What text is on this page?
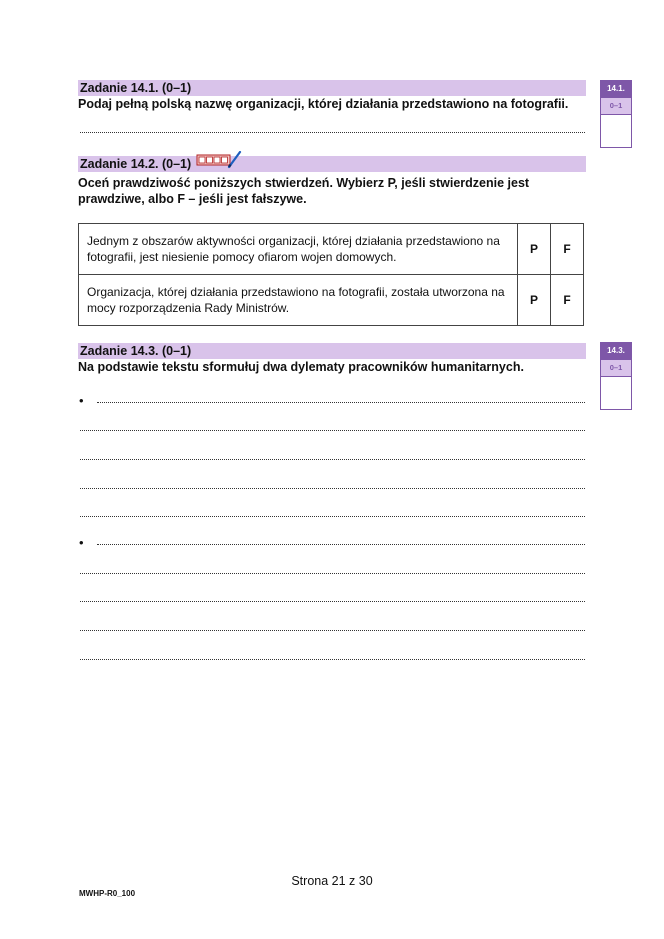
Zadanie 14.1. (0–1)
Podaj pełną polską nazwę organizacji, której działania przedstawiono na fotografii.
14.1.
0–1
Zadanie 14.2. (0–1)
Oceń prawdziwość poniższych stwierdzeń. Wybierz P, jeśli stwierdzenie jest prawdziwe, albo F – jeśli jest fałszywe.
Jednym z obszarów aktywności organizacji, której działania przedstawiono na fotografii, jest niesienie pomocy ofiarom wojen domowych.	P	F
Organizacja, której działania przedstawiono na fotografii, została utworzona na mocy rozporządzenia Rady Ministrów.	P	F
Zadanie 14.3. (0–1)
Na podstawie tekstu sformułuj dwa dylematy pracowników humanitarnych.
14.3.
0–1
•
•
Strona 21 z 30
MWHP-R0_100
